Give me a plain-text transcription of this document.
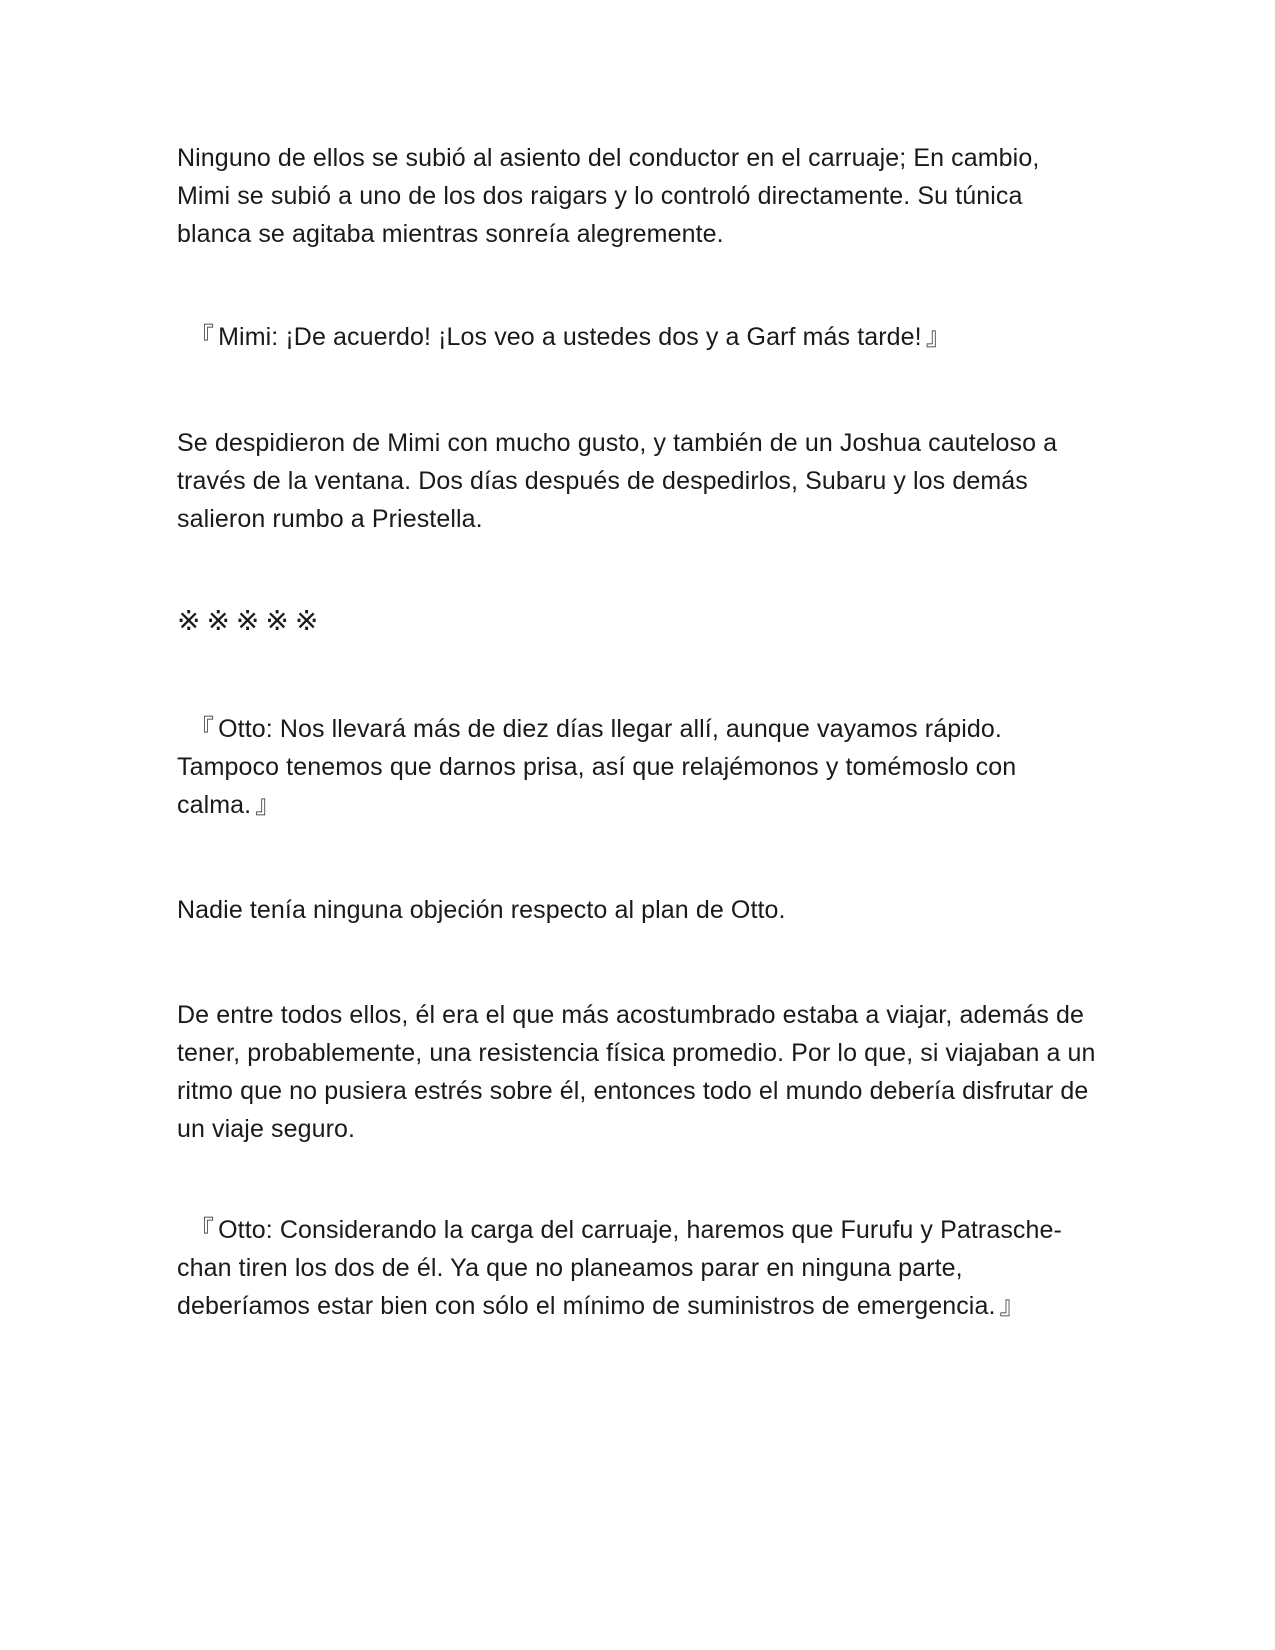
Ninguno de ellos se subió al asiento del conductor en el carruaje; En cambio, Mimi se subió a uno de los dos raigars y lo controló directamente. Su túnica blanca se agitaba mientras sonreía alegremente.

『 Mimi: ¡De acuerdo! ¡Los veo a ustedes dos y a Garf más tarde! 』

Se despidieron de Mimi con mucho gusto, y también de un Joshua cauteloso a través de la ventana. Dos días después de despedirlos, Subaru y los demás salieron rumbo a Priestella.

※※※※※

『 Otto: Nos llevará más de diez días llegar allí, aunque vayamos rápido. Tampoco tenemos que darnos prisa, así que relajémonos y tomémoslo con calma. 』

Nadie tenía ninguna objeción respecto al plan de Otto.

De entre todos ellos, él era el que más acostumbrado estaba a viajar, además de tener, probablemente, una resistencia física promedio. Por lo que, si viajaban a un ritmo que no pusiera estrés sobre él, entonces todo el mundo debería disfrutar de un viaje seguro.

『 Otto: Considerando la carga del carruaje, haremos que Furufu y Patrasche-chan tiren los dos de él. Ya que no planeamos parar en ninguna parte, deberíamos estar bien con sólo el mínimo de suministros de emergencia. 』
